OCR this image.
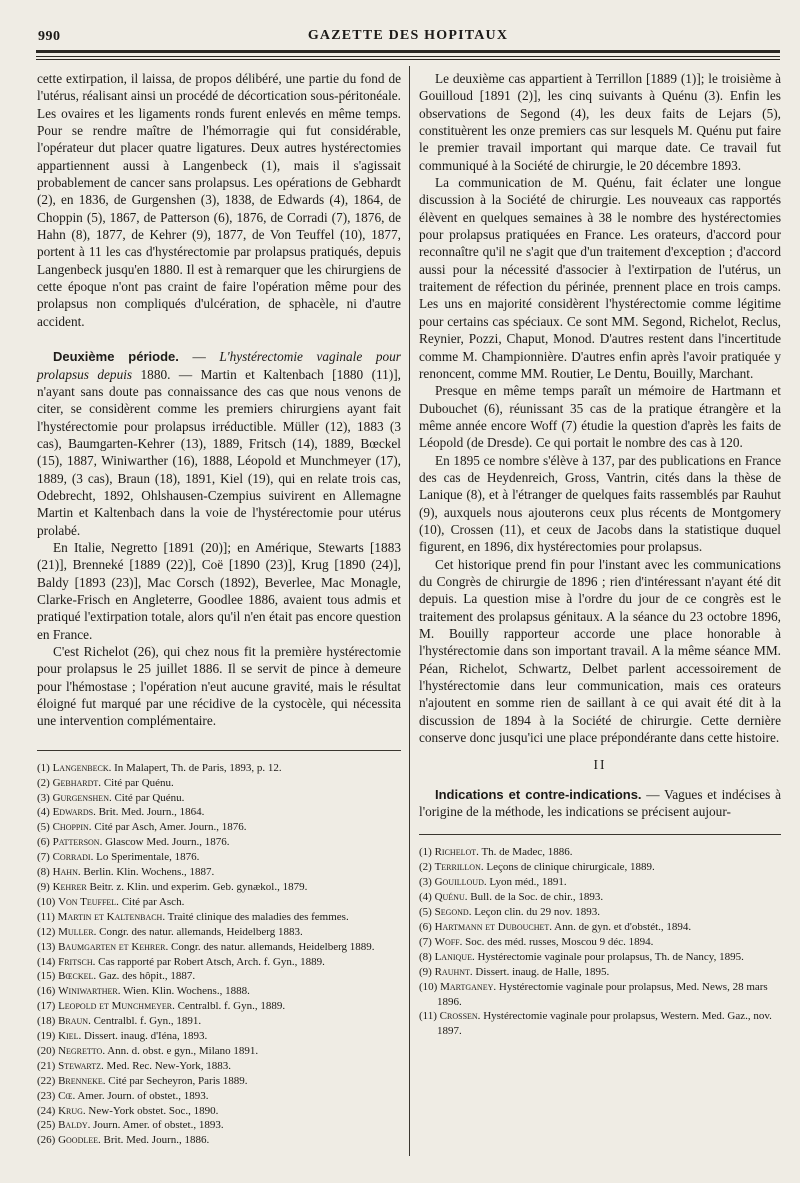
990	GAZETTE DES HOPITAUX

cette extirpation, il laissa, de propos délibéré, une partie du fond de l'utérus, réalisant ainsi un procédé de décortication sous-péritonéale. Les ovaires et les ligaments ronds furent enlevés en même temps. Pour se rendre maître de l'hémorragie qui fut considérable, l'opérateur dut placer quatre ligatures. Deux autres hystérectomies appartiennent aussi à Langenbeck (1), mais il s'agissait probablement de cancer sans prolapsus. Les opérations de Gebhardt (2), en 1836, de Gurgenshen (3), 1838, de Edwards (4), 1864, de Choppin (5), 1867, de Patterson (6), 1876, de Corradi (7), 1876, de Hahn (8), 1877, de Kehrer (9), 1877, de Von Teuffel (10), 1877, portent à 11 les cas d'hystérectomie par prolapsus pratiqués, depuis Langenbeck jusqu'en 1880. Il est à remarquer que les chirurgiens de cette époque n'ont pas craint de faire l'opération même pour des prolapsus non compliqués d'ulcération, de sphacèle, ni d'autre accident.

Deuxième période. — L'hystérectomie vaginale pour prolapsus depuis 1880. — Martin et Kaltenbach [1880 (11)], n'ayant sans doute pas connaissance des cas que nous venons de citer, se considèrent comme les premiers chirurgiens ayant fait l'hystérectomie pour prolapsus irréductible. Müller (12), 1883 (3 cas), Baumgarten-Kehrer (13), 1889, Fritsch (14), 1889, Bœckel (15), 1887, Winiwarther (16), 1888, Léopold et Munchmeyer (17), 1889, (3 cas), Braun (18), 1891, Kiel (19), qui en relate trois cas, Odebrecht, 1892, Ohlshausen-Czempius suivirent en Allemagne Martin et Kaltenbach dans la voie de l'hystérectomie pour utérus prolabé.

En Italie, Negretto [1891 (20)]; en Amérique, Stewarts [1883 (21)], Brenneké [1889 (22)], Coë [1890 (23)], Krug [1890 (24)], Baldy [1893 (23)], Mac Corsch (1892), Beverlee, Mac Monagle, Clarke-Frisch en Angleterre, Goodlee 1886, avaient tous admis et pratiqué l'extirpation totale, alors qu'il n'en était pas encore question en France.

C'est Richelot (26), qui chez nous fit la première hystérectomie pour prolapsus le 25 juillet 1886. Il se servit de pince à demeure pour l'hémostase ; l'opération n'eut aucune gravité, mais le résultat éloigné fut marqué par une récidive de la cystocèle, qui nécessita une intervention complémentaire.

(1) Langenbeck. In Malapert, Th. de Paris, 1893, p. 12.
(2) Gebhardt. Cité par Quénu.
(3) Gurgenshen. Cité par Quénu.
(4) Edwards. Brit. Med. Journ., 1864.
(5) Choppin. Cité par Asch, Amer. Journ., 1876.
(6) Patterson. Glascow Med. Journ., 1876.
(7) Corradi. Lo Sperimentale, 1876.
(8) Hahn. Berlin. Klin. Wochens., 1887.
(9) Kehrer Beitr. z. Klin. und experim. Geb. gynækol., 1879.
(10) Von Teuffel. Cité par Asch.
(11) Martin et Kaltenbach. Traité clinique des maladies des femmes.
(12) Muller. Congr. des natur. allemands, Heidelberg 1883.
(13) Baumgarten et Kehrer. Congr. des natur. allemands, Heidelberg 1889.
(14) Fritsch. Cas rapporté par Robert Atsch, Arch. f. Gyn., 1889.
(15) Bœckel. Gaz. des hôpit., 1887.
(16) Winiwarther. Wien. Klin. Wochens., 1888.
(17) Leopold et Munchmeyer. Centralbl. f. Gyn., 1889.
(18) Braun. Centralbl. f. Gyn., 1891.
(19) Kiel. Dissert. inaug. d'Iéna, 1893.
(20) Negretto. Ann. d. obst. e gyn., Milano 1891.
(21) Stewartz. Med. Rec. New-York, 1883.
(22) Brenneke. Cité par Secheyron, Paris 1889.
(23) Cœ. Amer. Journ. of obstet., 1893.
(24) Krug. New-York obstet. Soc., 1890.
(25) Baldy. Journ. Amer. of obstet., 1893.
(26) Goodlee. Brit. Med. Journ., 1886.

Le deuxième cas appartient à Terrillon [1889 (1)]; le troisième à Gouilloud [1891 (2)], les cinq suivants à Quénu (3). Enfin les observations de Segond (4), les deux faits de Lejars (5), constituèrent les onze premiers cas sur lesquels M. Quénu put faire le premier travail important qui marque date. Ce travail fut communiqué à la Société de chirurgie, le 20 décembre 1893.

La communication de M. Quénu, fait éclater une longue discussion à la Société de chirurgie. Les nouveaux cas rapportés élèvent en quelques semaines à 38 le nombre des hystérectomies pour prolapsus pratiquées en France. Les orateurs, d'accord pour reconnaître qu'il ne s'agit que d'un traitement d'exception ; d'accord aussi pour la nécessité d'associer à l'extirpation de l'utérus, un traitement de réfection du périnée, prennent place en trois camps. Les uns en majorité considèrent l'hystérectomie comme légitime pour certains cas spéciaux. Ce sont MM. Segond, Richelot, Reclus, Reynier, Pozzi, Chaput, Monod. D'autres restent dans l'incertitude comme M. Championnière. D'autres enfin après l'avoir pratiquée y renoncent, comme MM. Routier, Le Dentu, Bouilly, Marchant.

Presque en même temps paraît un mémoire de Hartmann et Dubouchet (6), réunissant 35 cas de la pratique étrangère et la même année encore Woff (7) étudie la question d'après les faits de Léopold (de Dresde). Ce qui portait le nombre des cas à 120.

En 1895 ce nombre s'élève à 137, par des publications en France des cas de Heydenreich, Gross, Vantrin, cités dans la thèse de Lanique (8), et à l'étranger de quelques faits rassemblés par Rauhut (9), auxquels nous ajouterons ceux plus récents de Montgomery (10), Crossen (11), et ceux de Jacobs dans la statistique duquel figurent, en 1896, dix hystérectomies pour prolapsus.

Cet historique prend fin pour l'instant avec les communications du Congrès de chirurgie de 1896 ; rien d'intéressant n'ayant été dit depuis. La question mise à l'ordre du jour de ce congrès est le traitement des prolapsus génitaux. A la séance du 23 octobre 1896, M. Bouilly rapporteur accorde une place honorable à l'hystérectomie dans son important travail. A la même séance MM. Péan, Richelot, Schwartz, Delbet parlent accessoirement de l'hystérectomie dans leur communication, mais ces orateurs n'ajoutent en somme rien de saillant à ce qui avait été dit à la discussion de 1894 à la Société de chirurgie. Cette dernière conserve donc jusqu'ici une place prépondérante dans cette histoire.

II

Indications et contre-indications. — Vagues et indécises à l'origine de la méthode, les indications se précisent aujour-

(1) Richelot. Th. de Madec, 1886.
(2) Terrillon. Leçons de clinique chirurgicale, 1889.
(3) Gouilloud. Lyon méd., 1891.
(4) Quénu. Bull. de la Soc. de chir., 1893.
(5) Segond. Leçon clin. du 29 nov. 1893.
(6) Hartmann et Dubouchet. Ann. de gyn. et d'obstét., 1894.
(7) Woff. Soc. des méd. russes, Moscou 9 déc. 1894.
(8) Lanique. Hystérectomie vaginale pour prolapsus, Th. de Nancy, 1895.
(9) Rauhnt. Dissert. inaug. de Halle, 1895.
(10) Martganey. Hystérectomie vaginale pour prolapsus, Med. News, 28 mars 1896.
(11) Crossen. Hystérectomie vaginale pour prolapsus, Western. Med. Gaz., nov. 1897.
